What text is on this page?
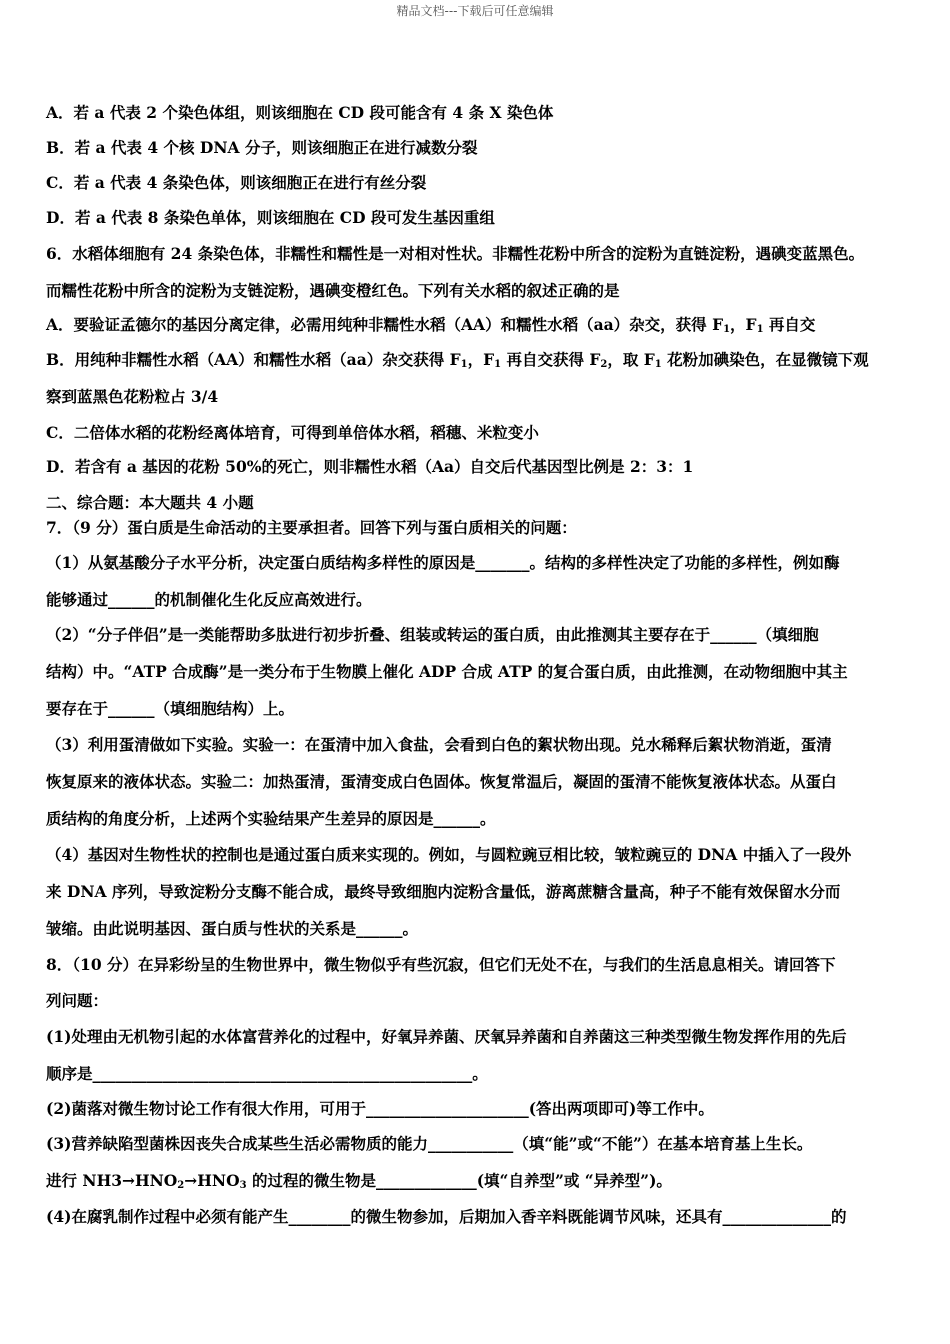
精品文档---下载后可任意编辑
A．若 a 代表 2 个染色体组，则该细胞在 CD 段可能含有 4 条 X 染色体
B．若 a 代表 4 个核 DNA 分子，则该细胞正在进行减数分裂
C．若 a 代表 4 条染色体，则该细胞正在进行有丝分裂
D．若 a 代表 8 条染色单体，则该细胞在 CD 段可发生基因重组
6．水稻体细胞有 24 条染色体，非糯性和糯性是一对相对性状。非糯性花粉中所含的淀粉为直链淀粉，遇碘变蓝黑色。
而糯性花粉中所含的淀粉为支链淀粉，遇碘变橙红色。下列有关水稻的叙述正确的是
A．要验证孟德尔的基因分离定律，必需用纯种非糯性水稻（AA）和糯性水稻（aa）杂交，获得 $F_1$，$F_1$ 再自交
B．用纯种非糯性水稻（AA）和糯性水稻（aa）杂交获得 $F_1$，$F_1$ 再自交获得 $F_2$，取 $F_1$ 花粉加碘染色，在显微镜下观
察到蓝黑色花粉粒占 3/4
C．二倍体水稻的花粉经离体培育，可得到单倍体水稻，稻穗、米粒变小
D．若含有 a 基因的花粉 50%的死亡，则非糯性水稻（Aa）自交后代基因型比例是 2：3：1
二、综合题：本大题共 4 小题
7．（9 分）蛋白质是生命活动的主要承担者。回答下列与蛋白质相关的问题：
（1）从氨基酸分子水平分析，决定蛋白质结构多样性的原因是_______。结构的多样性决定了功能的多样性，例如酶
能够通过______的机制催化生化反应高效进行。
（2）“分子伴侣”是一类能帮助多肽进行初步折叠、组装或转运的蛋白质，由此推测其主要存在于______（填细胞
结构）中。“ATP 合成酶”是一类分布于生物膜上催化 ADP 合成 ATP 的复合蛋白质，由此推测，在动物细胞中其主
要存在于______（填细胞结构）上。
（3）利用蛋清做如下实验。实验一：在蛋清中加入食盐，会看到白色的絮状物出现。兑水稀释后絮状物消逝，蛋清
恢复原来的液体状态。实验二：加热蛋清，蛋清变成白色固体。恢复常温后，凝固的蛋清不能恢复液体状态。从蛋白
质结构的角度分析，上述两个实验结果产生差异的原因是______。
（4）基因对生物性状的控制也是通过蛋白质来实现的。例如，与圆粒豌豆相比较，皱粒豌豆的 DNA 中插入了一段外
来 DNA 序列，导致淀粉分支酶不能合成，最终导致细胞内淀粉含量低，游离蔗糖含量高，种子不能有效保留水分而
皱缩。由此说明基因、蛋白质与性状的关系是______。
8．（10 分）在异彩纷呈的生物世界中，微生物似乎有些沉寂，但它们无处不在，与我们的生活息息相关。请回答下
列问题：
(1)处理由无机物引起的水体富营养化的过程中，好氧异养菌、厌氧异养菌和自养菌这三种类型微生物发挥作用的先后
顺序是_________________________________________________。
(2)菌落对微生物讨论工作有很大作用，可用于_____________________(答出两项即可)等工作中。
(3)营养缺陷型菌株因丧失合成某些生活必需物质的能力___________（填“能”或“不能”）在基本培育基上生长。
进行 $NH3\to HNO_2\to HNO_3$ 的过程的微生物是_____________(填“自养型”或 “异养型”)。
(4)在腐乳制作过程中必须有能产生________的微生物参加，后期加入香辛料既能调节风味，还具有______________的
